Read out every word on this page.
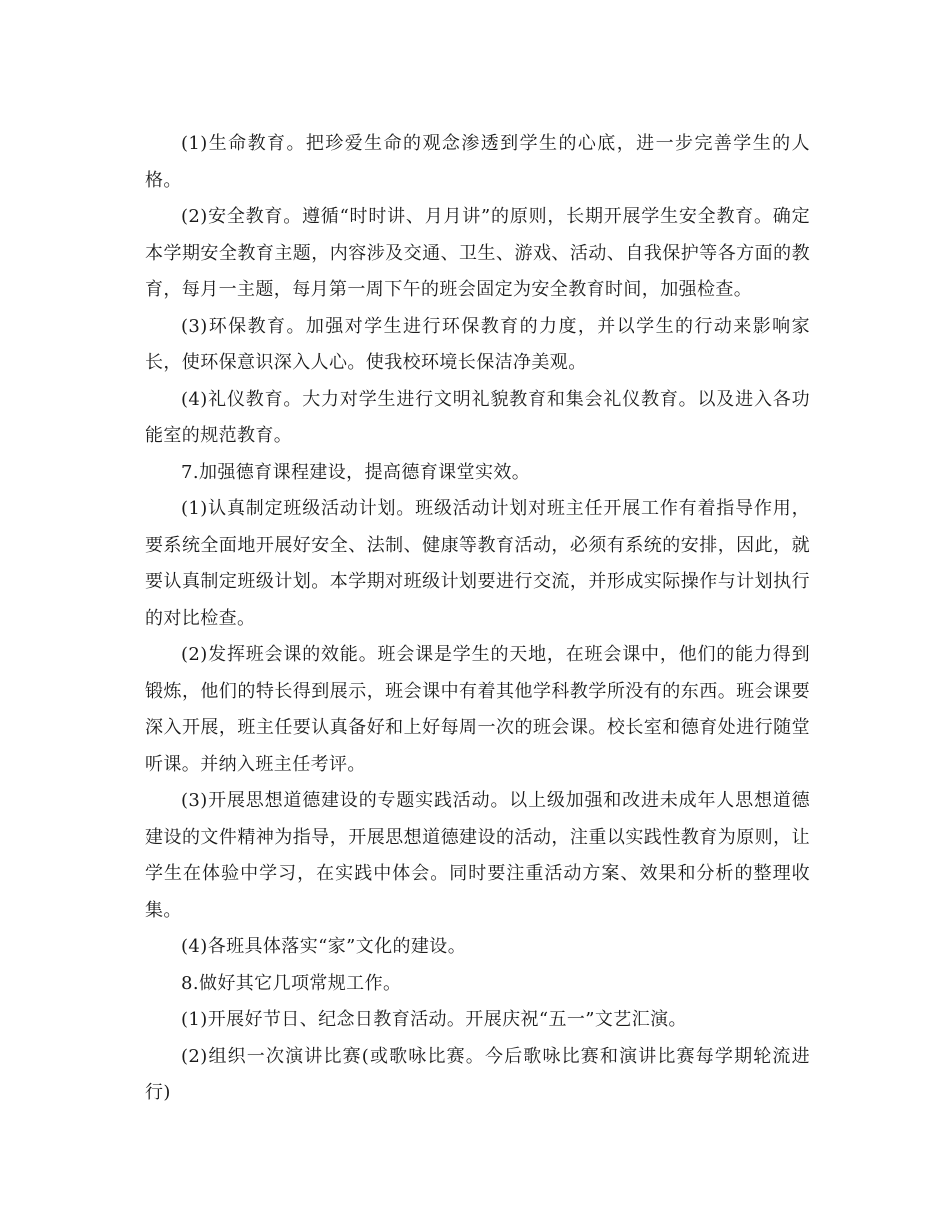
(1)生命教育。把珍爱生命的观念渗透到学生的心底，进一步完善学生的人格。

(2)安全教育。遵循“时时讲、月月讲”的原则，长期开展学生安全教育。确定本学期安全教育主题，内容涉及交通、卫生、游戏、活动、自我保护等各方面的教育，每月一主题，每月第一周下午的班会固定为安全教育时间，加强检查。

(3)环保教育。加强对学生进行环保教育的力度，并以学生的行动来影响家长，使环保意识深入人心。使我校环境长保洁净美观。

(4)礼仪教育。大力对学生进行文明礼貌教育和集会礼仪教育。以及进入各功能室的规范教育。

7.加强德育课程建设，提高德育课堂实效。

(1)认真制定班级活动计划。班级活动计划对班主任开展工作有着指导作用，要系统全面地开展好安全、法制、健康等教育活动，必须有系统的安排，因此，就要认真制定班级计划。本学期对班级计划要进行交流，并形成实际操作与计划执行的对比检查。

(2)发挥班会课的效能。班会课是学生的天地，在班会课中，他们的能力得到锻炼，他们的特长得到展示，班会课中有着其他学科教学所没有的东西。班会课要深入开展，班主任要认真备好和上好每周一次的班会课。校长室和德育处进行随堂听课。并纳入班主任考评。

(3)开展思想道德建设的专题实践活动。以上级加强和改进未成年人思想道德建设的文件精神为指导，开展思想道德建设的活动，注重以实践性教育为原则，让学生在体验中学习，在实践中体会。同时要注重活动方案、效果和分析的整理收集。

(4)各班具体落实“家”文化的建设。

8.做好其它几项常规工作。

(1)开展好节日、纪念日教育活动。开展庆祝“五一”文艺汇演。

(2)组织一次演讲比赛(或歌咏比赛。今后歌咏比赛和演讲比赛每学期轮流进行)
